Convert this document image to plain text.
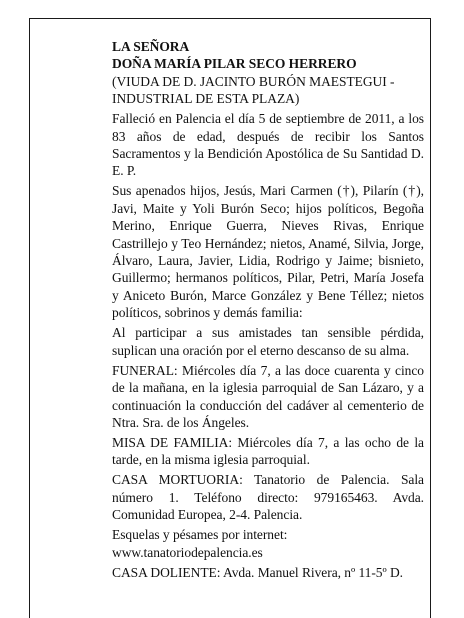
LA SEÑORA
DOÑA MARÍA PILAR SECO HERRERO

(VIUDA DE D. JACINTO BURÓN MAESTEGUI - INDUSTRIAL DE ESTA PLAZA)

Falleció en Palencia el día 5 de septiembre de 2011, a los 83 años de edad, después de recibir los Santos Sacramentos y la Bendición Apostólica de Su Santidad D. E. P.

Sus apenados hijos, Jesús, Mari Carmen (†), Pilarín (†), Javi, Maite y Yoli Burón Seco; hijos políticos, Begoña Merino, Enrique Guerra, Nieves Rivas, Enrique Castrillejo y Teo Hernández; nietos, Anamé, Silvia, Jorge, Álvaro, Laura, Javier, Lidia, Rodrigo y Jaime; bisnieto, Guillermo; hermanos políticos, Pilar, Petri, María Josefa y Aniceto Burón, Marce González y Bene Téllez; nietos políticos, sobrinos y demás familia:

Al participar a sus amistades tan sensible pérdida, suplican una oración por el eterno descanso de su alma.

FUNERAL: Miércoles día 7, a las doce cuarenta y cinco de la mañana, en la iglesia parroquial de San Lázaro, y a continuación la conducción del cadáver al cementerio de Ntra. Sra. de los Ángeles.

MISA DE FAMILIA: Miércoles día 7, a las ocho de la tarde, en la misma iglesia parroquial.

CASA MORTUORIA: Tanatorio de Palencia. Sala número 1. Teléfono directo: 979165463. Avda. Comunidad Europea, 2-4. Palencia.

Esquelas y pésames por internet:

www.tanatoriodepalencia.es

CASA DOLIENTE: Avda. Manuel Rivera, nº 11-5º D.
